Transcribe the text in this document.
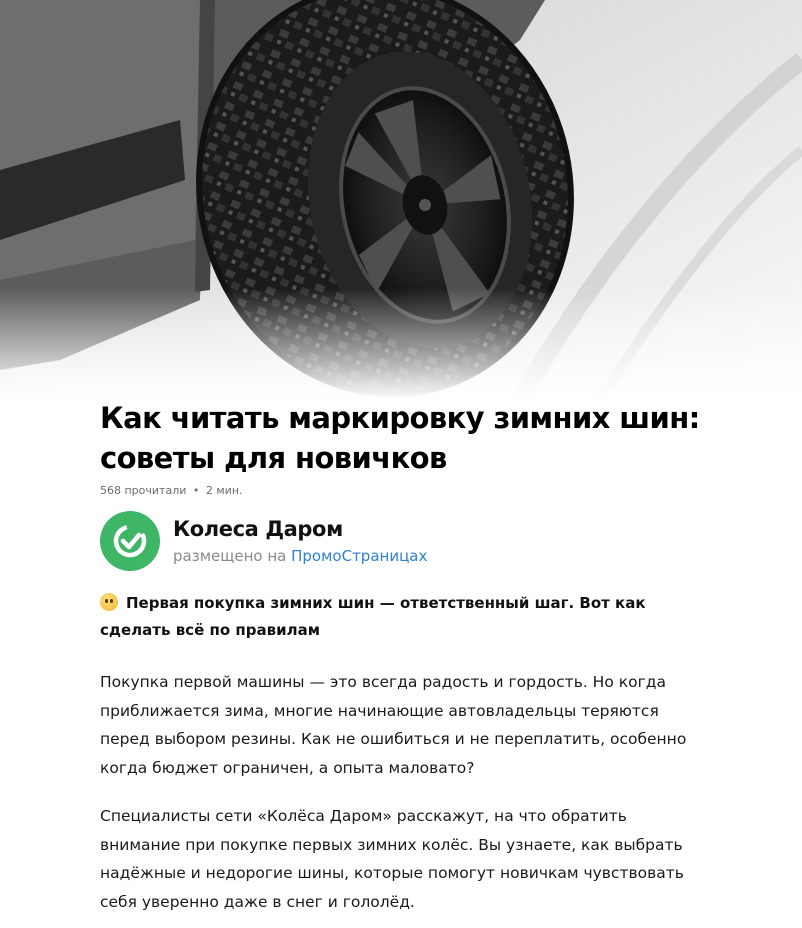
Как читать маркировку зимних шин: советы для новичков
568 прочитали • 2 мин.
Колеса Даром
размещено на ПромоСтраницах

Первая покупка зимних шин — ответственный шаг. Вот как сделать всё по правилам

Покупка первой машины — это всегда радость и гордость. Но когда приближается зима, многие начинающие автовладельцы теряются перед выбором резины. Как не ошибиться и не переплатить, особенно когда бюджет ограничен, а опыта маловато?

Специалисты сети «Колёса Даром» расскажут, на что обратить внимание при покупке первых зимних колёс. Вы узнаете, как выбрать надёжные и недорогие шины, которые помогут новичкам чувствовать себя уверенно даже в снег и гололёд.
